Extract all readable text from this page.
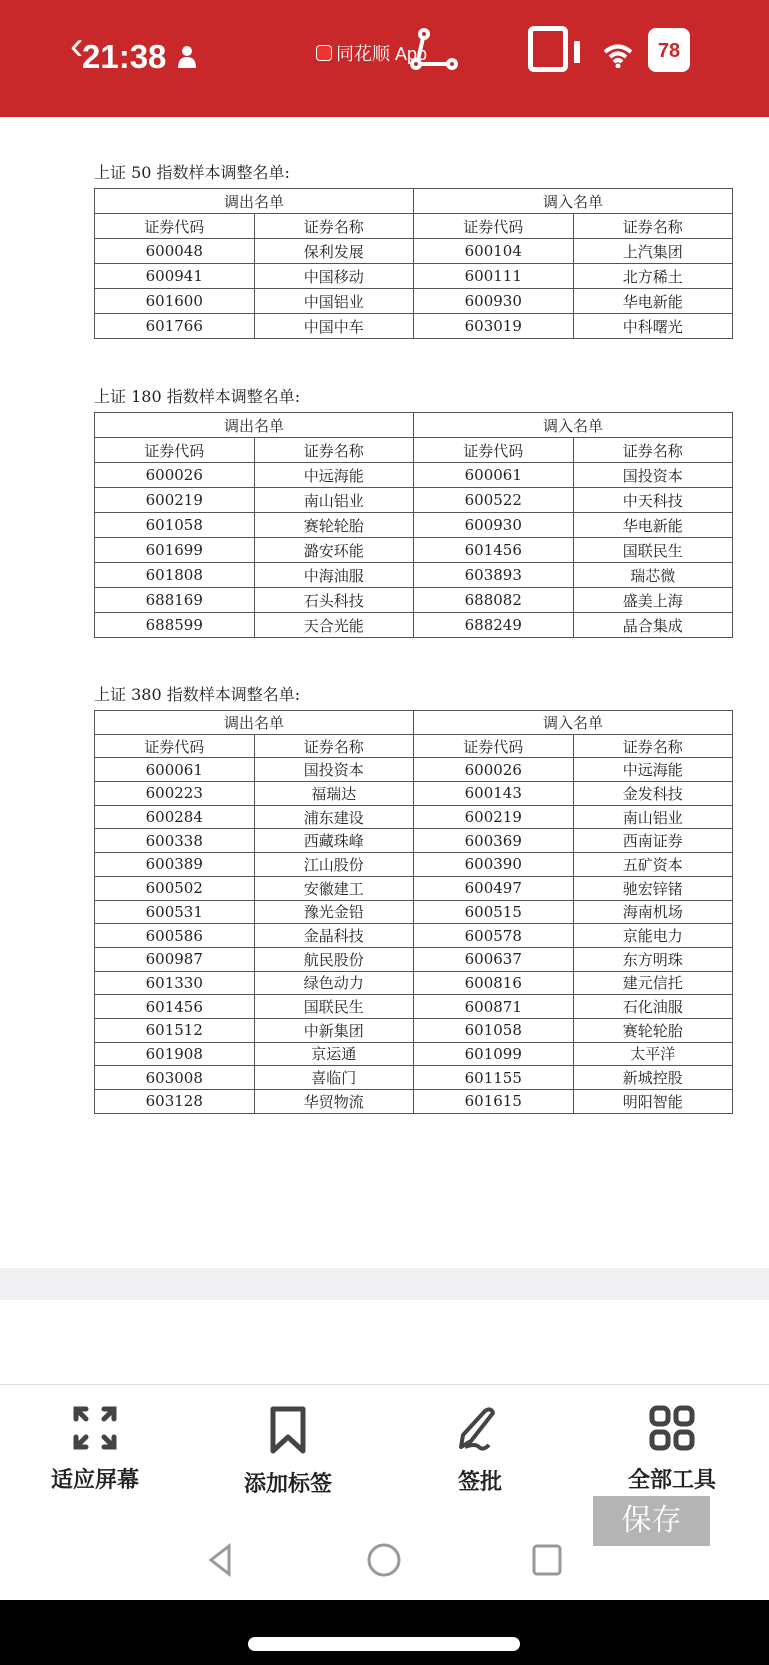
‹
21:38	同花顺 App	78
上证 50 指数样本调整名单:
调出名单		调入名单	
证券代码	证券名称	证券代码	证券名称
600048	保利发展	600104	上汽集团
600941	中国移动	600111	北方稀土
601600	中国铝业	600930	华电新能
601766	中国中车	603019	中科曙光
上证 180 指数样本调整名单:
调出名单		调入名单	
证券代码	证券名称	证券代码	证券名称
600026	中远海能	600061	国投资本
600219	南山铝业	600522	中天科技
601058	赛轮轮胎	600930	华电新能
601699	潞安环能	601456	国联民生
601808	中海油服	603893	瑞芯微
688169	石头科技	688082	盛美上海
688599	天合光能	688249	晶合集成
上证 380 指数样本调整名单:
调出名单		调入名单	
证券代码	证券名称	证券代码	证券名称
600061	国投资本	600026	中远海能
600223	福瑞达	600143	金发科技
600284	浦东建设	600219	南山铝业
600338	西藏珠峰	600369	西南证券
600389	江山股份	600390	五矿资本
600502	安徽建工	600497	驰宏锌锗
600531	豫光金铅	600515	海南机场
600586	金晶科技	600578	京能电力
600987	航民股份	600637	东方明珠
601330	绿色动力	600816	建元信托
601456	国联民生	600871	石化油服
601512	中新集团	601058	赛轮轮胎
601908	京运通	601099	太平洋
603008	喜临门	601155	新城控股
603128	华贸物流	601615	明阳智能
适应屏幕	添加标签	签批	全部工具
保存
